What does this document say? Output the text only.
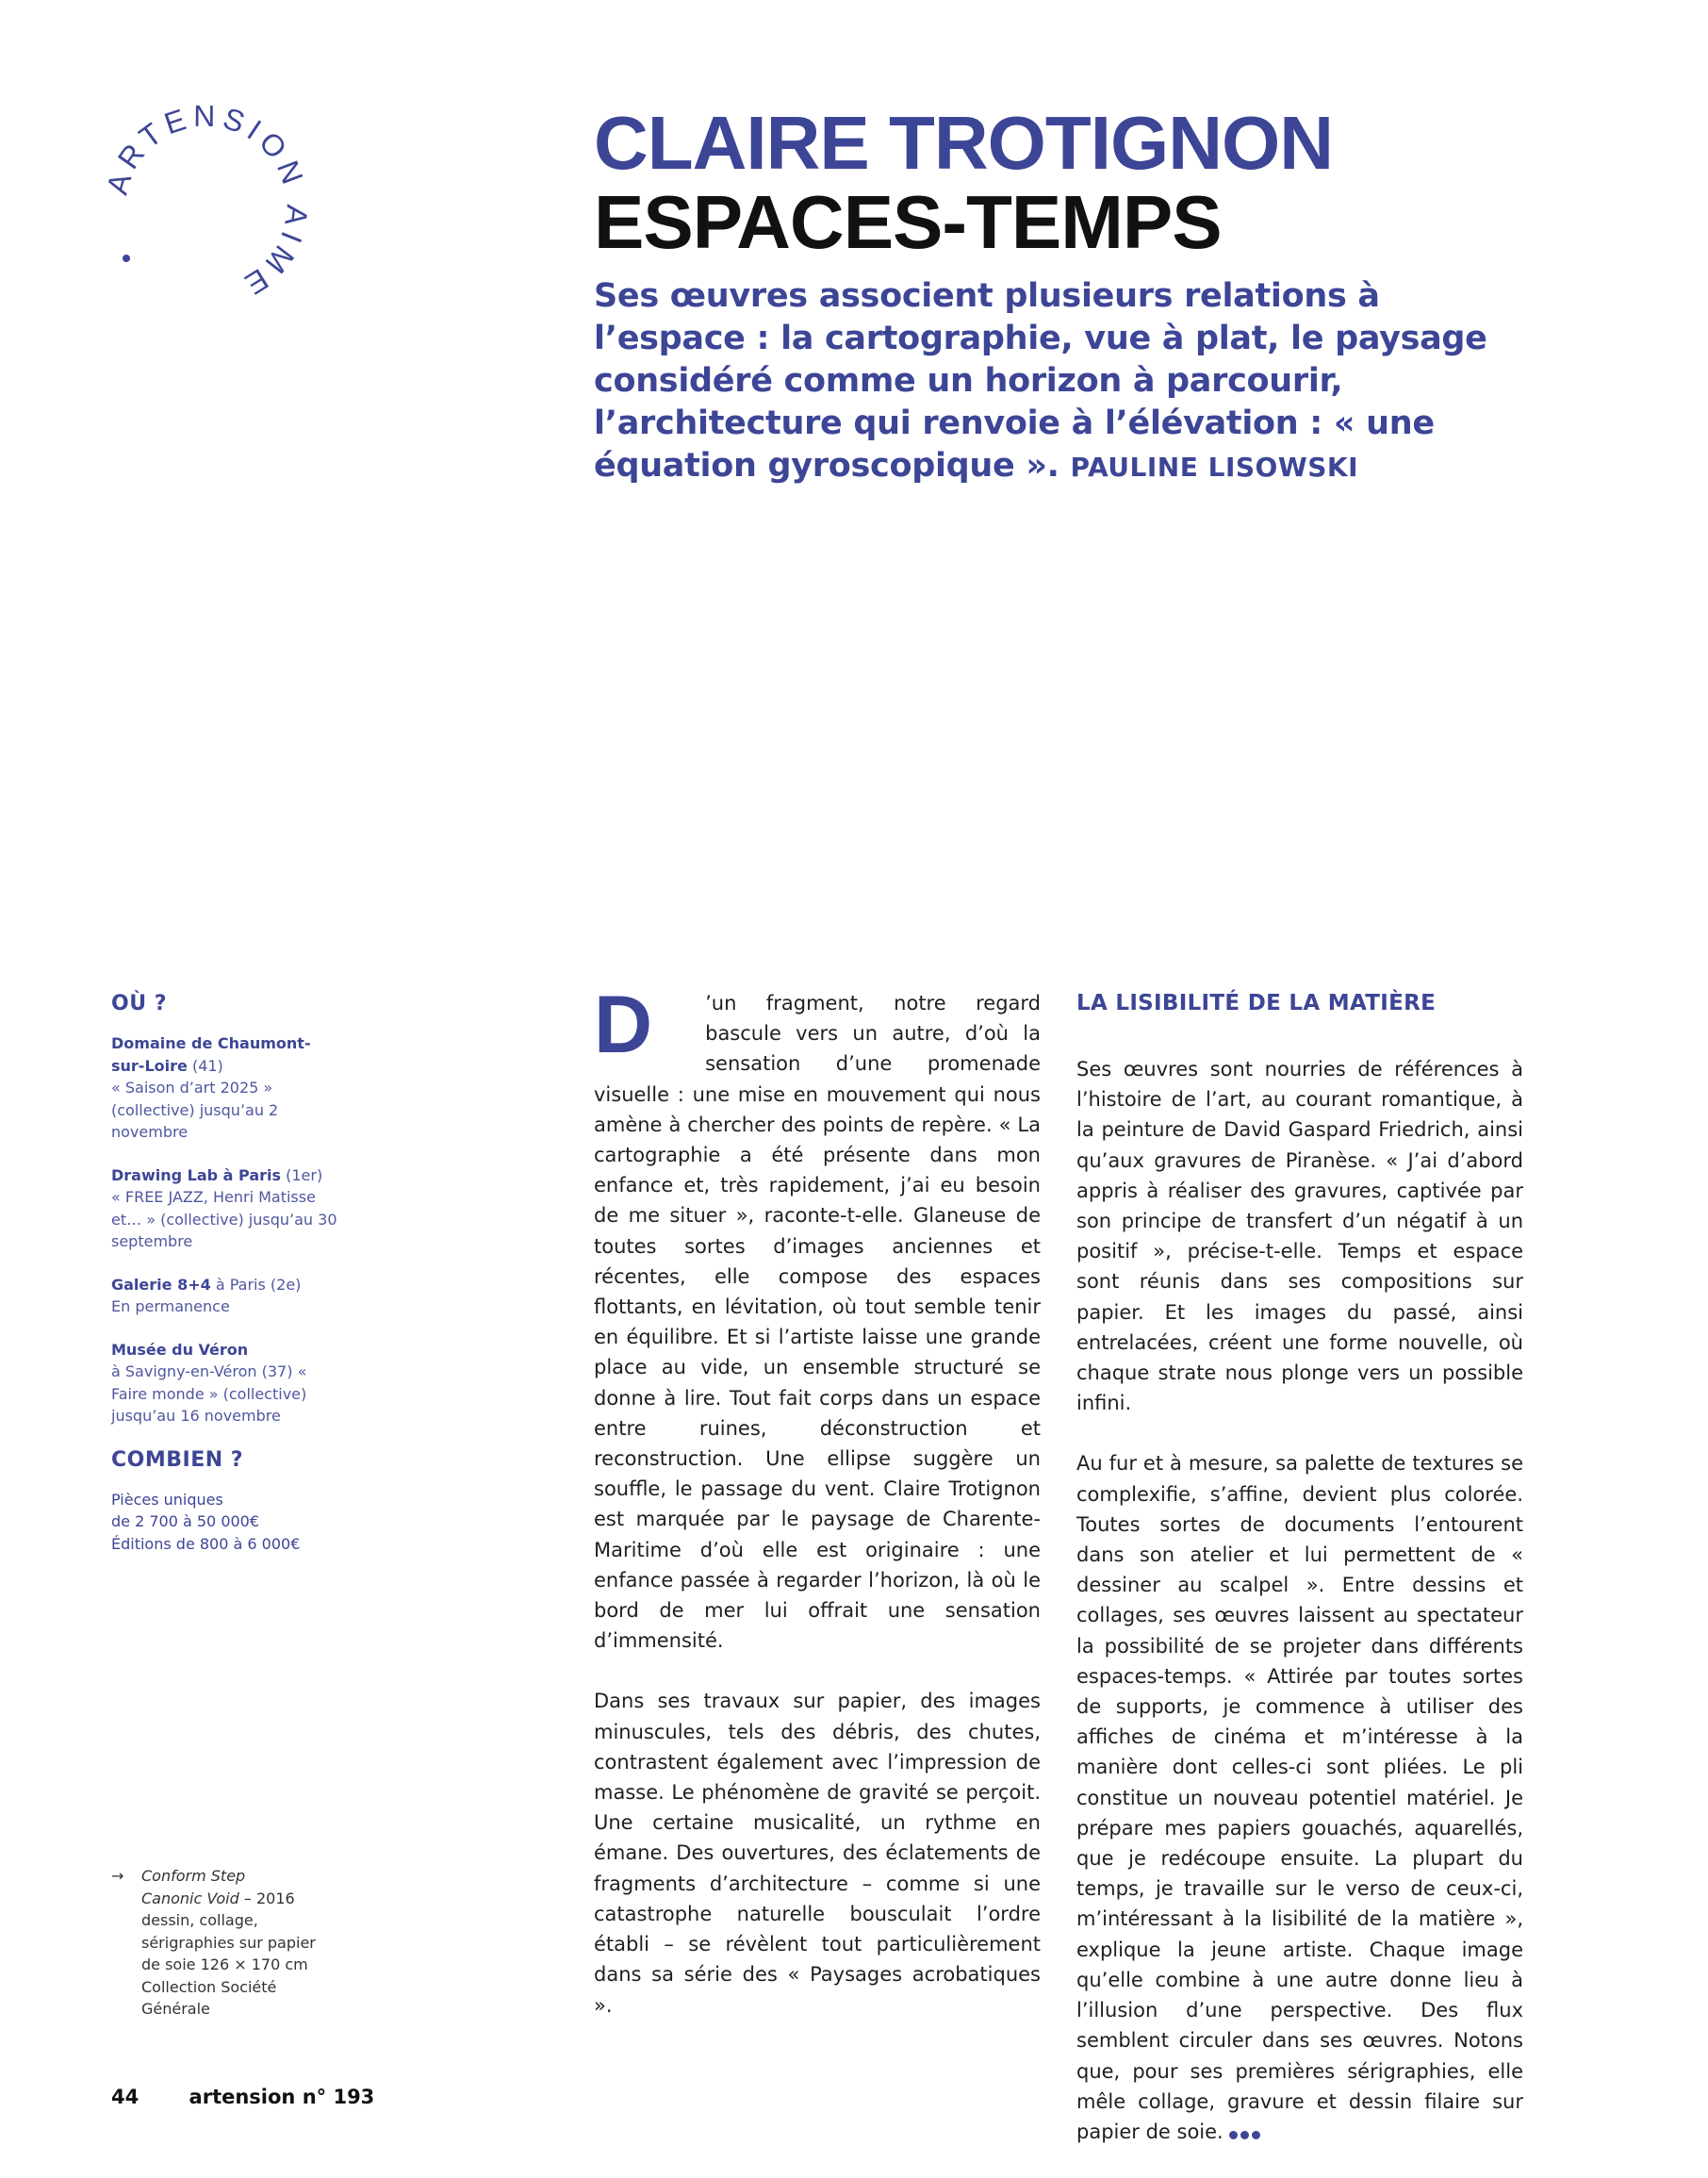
ARTENSION AIME
CLAIRE TROTIGNON
ESPACES-TEMPS
Ses œuvres associent plusieurs relations à l’espace : la cartographie, vue à plat, le paysage considéré comme un horizon à parcourir, l’architecture qui renvoie à l’élévation : « une équation gyroscopique ». PAULINE LISOWSKI
OÙ ?
Domaine de Chaumont-sur-Loire (41)
« Saison d’art 2025 » (collective) jusqu’au 2 novembre
Drawing Lab à Paris (1er)
« FREE JAZZ, Henri Matisse et… » (collective) jusqu’au 30 septembre
Galerie 8+4 à Paris (2e)
En permanence
Musée du Véron
à Savigny-en-Véron (37) « Faire monde » (collective) jusqu’au 16 novembre
COMBIEN ?
Pièces uniques
de 2 700 à 50 000€
Éditions de 800 à 6 000€
→ Conform Step
Canonic Void – 2016
dessin, collage, sérigraphies sur papier de soie 126 × 170 cm Collection Société Générale

D	’un fragment, notre regard bascule vers un autre, d’où la sensation d’une promenade visuelle : une mise en mouvement qui nous amène à chercher des points de repère. « La cartographie a été présente dans mon enfance et, très rapidement, j’ai eu besoin de me situer », raconte-t-elle. Glaneuse de toutes sortes d’images anciennes et récentes, elle compose des espaces flottants, en lévitation, où tout semble tenir en équilibre. Et si l’artiste laisse une grande place au vide, un ensemble structuré se donne à lire. Tout fait corps dans un espace entre ruines, déconstruction et reconstruction. Une ellipse suggère un souffle, le passage du vent. Claire Trotignon est marquée par le paysage de Charente-Maritime d’où elle est originaire : une enfance passée à regarder l’horizon, là où le bord de mer lui offrait une sensation d’immensité.

Dans ses travaux sur papier, des images minuscules, tels des débris, des chutes, contrastent également avec l’impression de masse. Le phénomène de gravité se perçoit. Une certaine musicalité, un rythme en émane. Des ouvertures, des éclatements de fragments d’architecture – comme si une catastrophe naturelle bousculait l’ordre établi – se révèlent tout particulièrement dans sa série des « Paysages acrobatiques ».

LA LISIBILITÉ DE LA MATIÈRE

Ses œuvres sont nourries de références à l’histoire de l’art, au courant romantique, à la peinture de David Gaspard Friedrich, ainsi qu’aux gravures de Piranèse. « J’ai d’abord appris à réaliser des gravures, captivée par son principe de transfert d’un négatif à un positif », précise-t-elle. Temps et espace sont réunis dans ses compositions sur papier. Et les images du passé, ainsi entrelacées, créent une forme nouvelle, où chaque strate nous plonge vers un possible infini.

Au fur et à mesure, sa palette de textures se complexifie, s’affine, devient plus colorée. Toutes sortes de documents l’entourent dans son atelier et lui permettent de « dessiner au scalpel ». Entre dessins et collages, ses œuvres laissent au spectateur la possibilité de se projeter dans différents espaces-temps. « Attirée par toutes sortes de supports, je commence à utiliser des affiches de cinéma et m’intéresse à la manière dont celles-ci sont pliées. Le pli constitue un nouveau potentiel matériel. Je prépare mes papiers gouachés, aquarellés, que je redécoupe ensuite. La plupart du temps, je travaille sur le verso de ceux-ci, m’intéressant à la lisibilité de la matière », explique la jeune artiste. Chaque image qu’elle combine à une autre donne lieu à l’illusion d’une perspective. Des flux semblent circuler dans ses œuvres. Notons que, pour ses premières sérigraphies, elle mêle collage, gravure et dessin filaire sur papier de soie.

44	artension n° 193
